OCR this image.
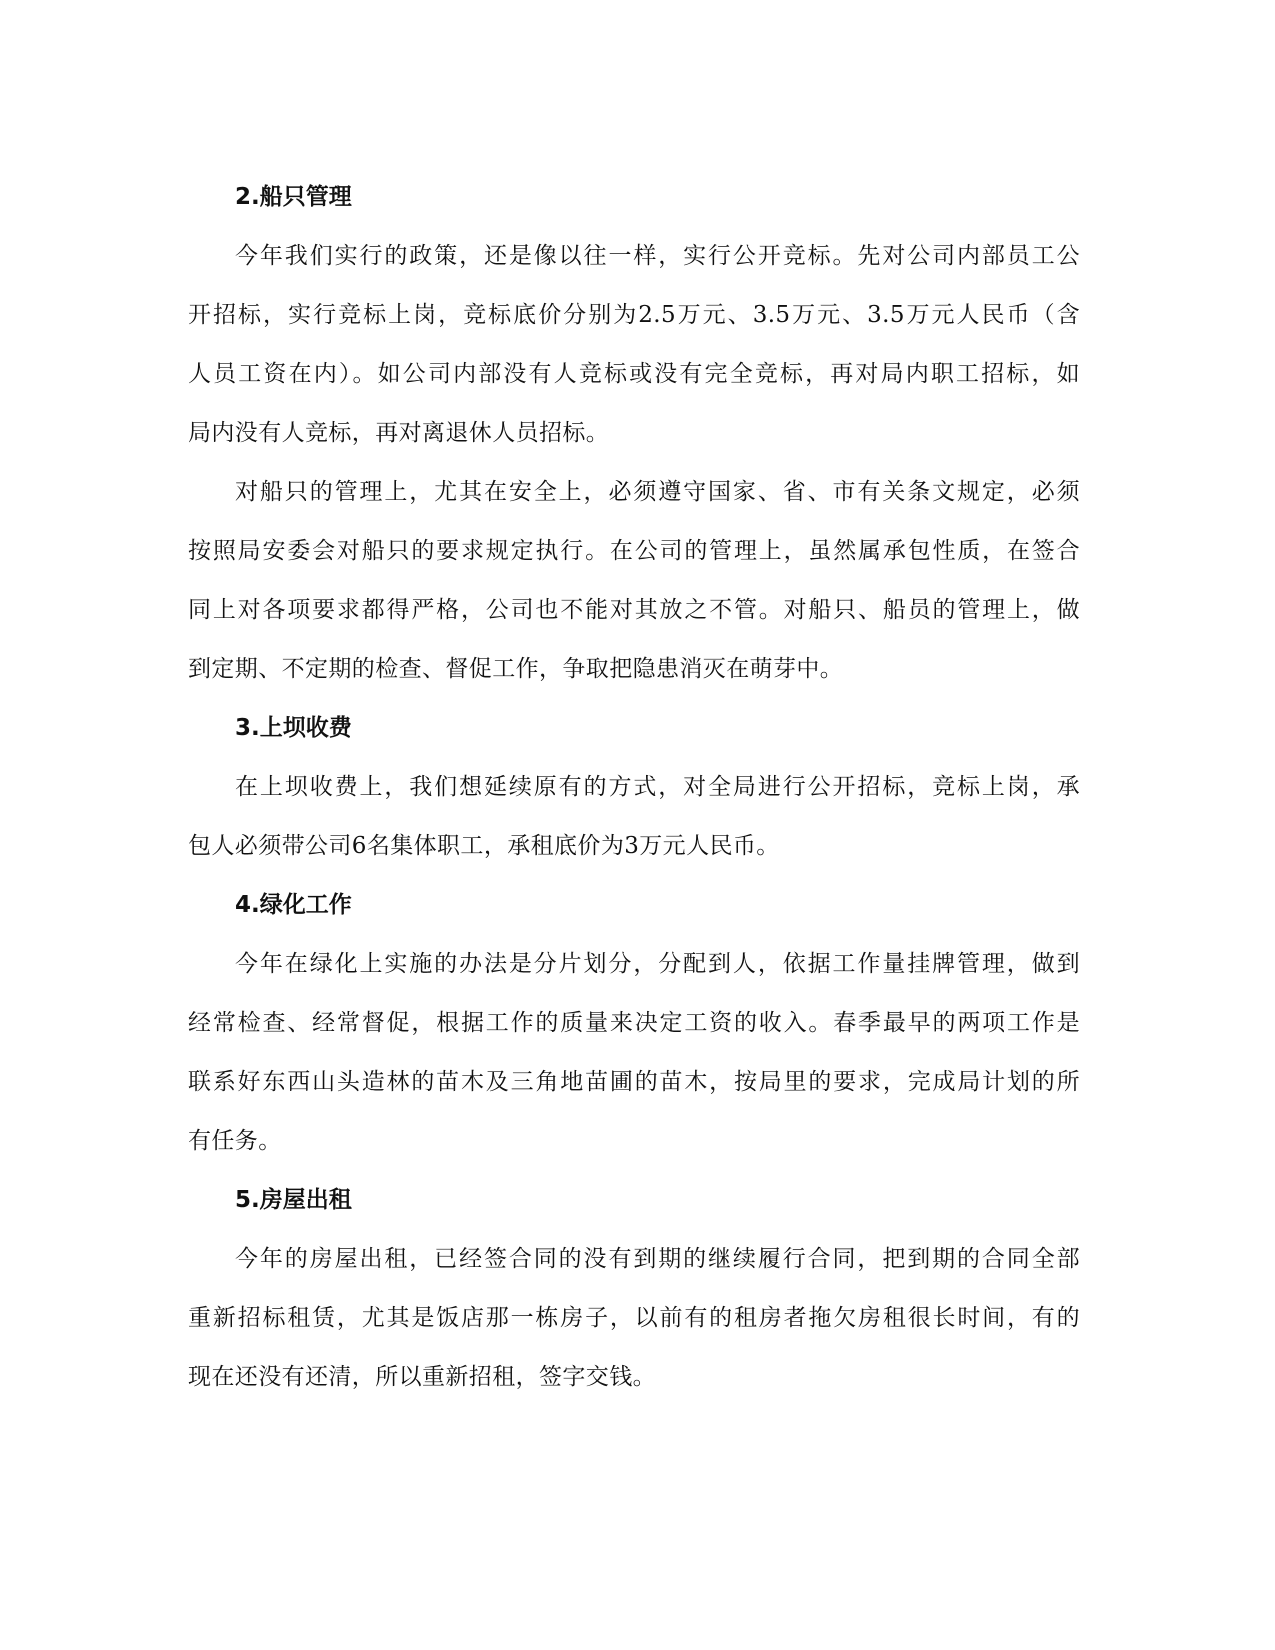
2.船只管理
今年我们实行的政策，还是像以往一样，实行公开竞标。先对公司内部员工公
开招标，实行竞标上岗，竞标底价分别为2.5万元、3.5万元、3.5万元人民币（含
人员工资在内）。如公司内部没有人竞标或没有完全竞标，再对局内职工招标，如
局内没有人竞标，再对离退休人员招标。
对船只的管理上，尤其在安全上，必须遵守国家、省、市有关条文规定，必须
按照局安委会对船只的要求规定执行。在公司的管理上，虽然属承包性质，在签合
同上对各项要求都得严格，公司也不能对其放之不管。对船只、船员的管理上，做
到定期、不定期的检查、督促工作，争取把隐患消灭在萌芽中。
3.上坝收费
在上坝收费上，我们想延续原有的方式，对全局进行公开招标，竞标上岗，承
包人必须带公司6名集体职工，承租底价为3万元人民币。
4.绿化工作
今年在绿化上实施的办法是分片划分，分配到人，依据工作量挂牌管理，做到
经常检查、经常督促，根据工作的质量来决定工资的收入。春季最早的两项工作是
联系好东西山头造林的苗木及三角地苗圃的苗木，按局里的要求，完成局计划的所
有任务。
5.房屋出租
今年的房屋出租，已经签合同的没有到期的继续履行合同，把到期的合同全部
重新招标租赁，尤其是饭店那一栋房子，以前有的租房者拖欠房租很长时间，有的
现在还没有还清，所以重新招租，签字交钱。
